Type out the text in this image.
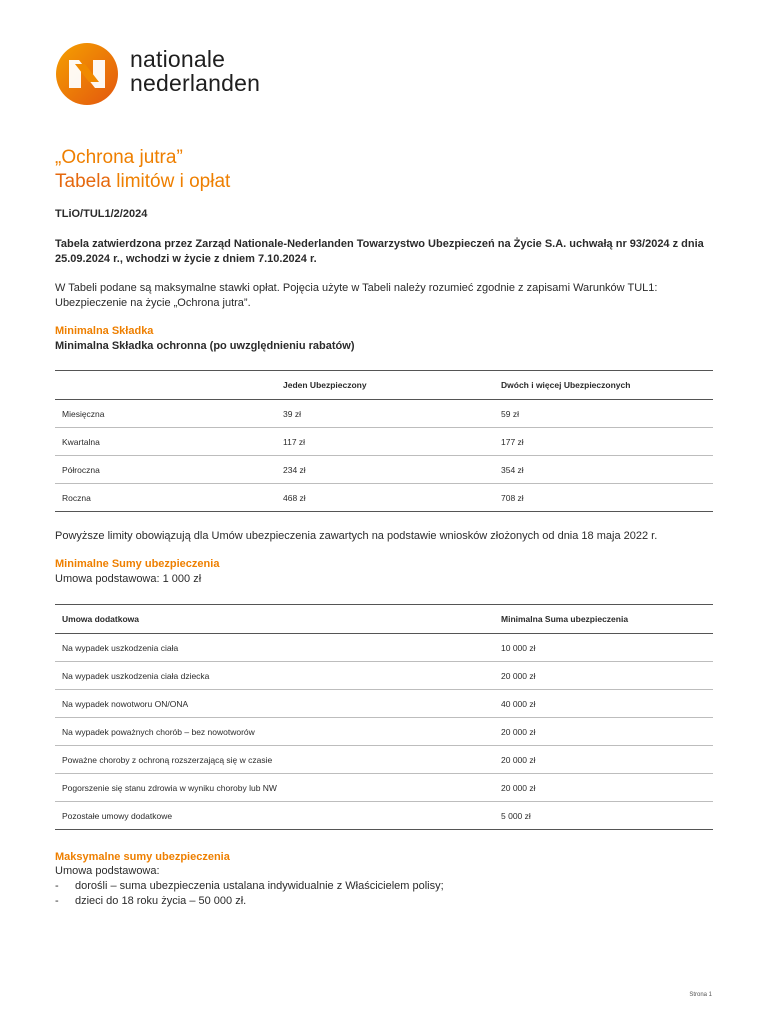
nationale
nederlanden
„Ochrona jutra”
Tabela limitów i opłat
TLiO/TUL1/2/2024
Tabela zatwierdzona przez Zarząd Nationale-Nederlanden Towarzystwo Ubezpieczeń na Życie S.A. uchwałą nr 93/2024 z dnia 25.09.2024 r., wchodzi w życie z dniem 7.10.2024 r.
W Tabeli podane są maksymalne stawki opłat. Pojęcia użyte w Tabeli należy rozumieć zgodnie z zapisami Warunków TUL1: Ubezpieczenie na życie „Ochrona jutra”.
Minimalna Składka
Minimalna Składka ochronna (po uwzględnieniu rabatów)
	Jeden Ubezpieczony	Dwóch i więcej Ubezpieczonych
Miesięczna	39 zł	59 zł
Kwartalna	117 zł	177 zł
Półroczna	234 zł	354 zł
Roczna	468 zł	708 zł
Powyższe limity obowiązują dla Umów ubezpieczenia zawartych na podstawie wniosków złożonych od dnia 18 maja 2022 r.
Minimalne Sumy ubezpieczenia
Umowa podstawowa: 1 000 zł
Umowa dodatkowa	Minimalna Suma ubezpieczenia
Na wypadek uszkodzenia ciała	10 000 zł
Na wypadek uszkodzenia ciała dziecka	20 000 zł
Na wypadek nowotworu ON/ONA	40 000 zł
Na wypadek poważnych chorób – bez nowotworów	20 000 zł
Poważne choroby z ochroną rozszerzającą się w czasie	20 000 zł
Pogorszenie się stanu zdrowia w wyniku choroby lub NW	20 000 zł
Pozostałe umowy dodatkowe	5 000 zł
Maksymalne sumy ubezpieczenia
Umowa podstawowa:
- dorośli – suma ubezpieczenia ustalana indywidualnie z Właścicielem polisy;
- dzieci do 18 roku życia – 50 000 zł.
Strona 1
